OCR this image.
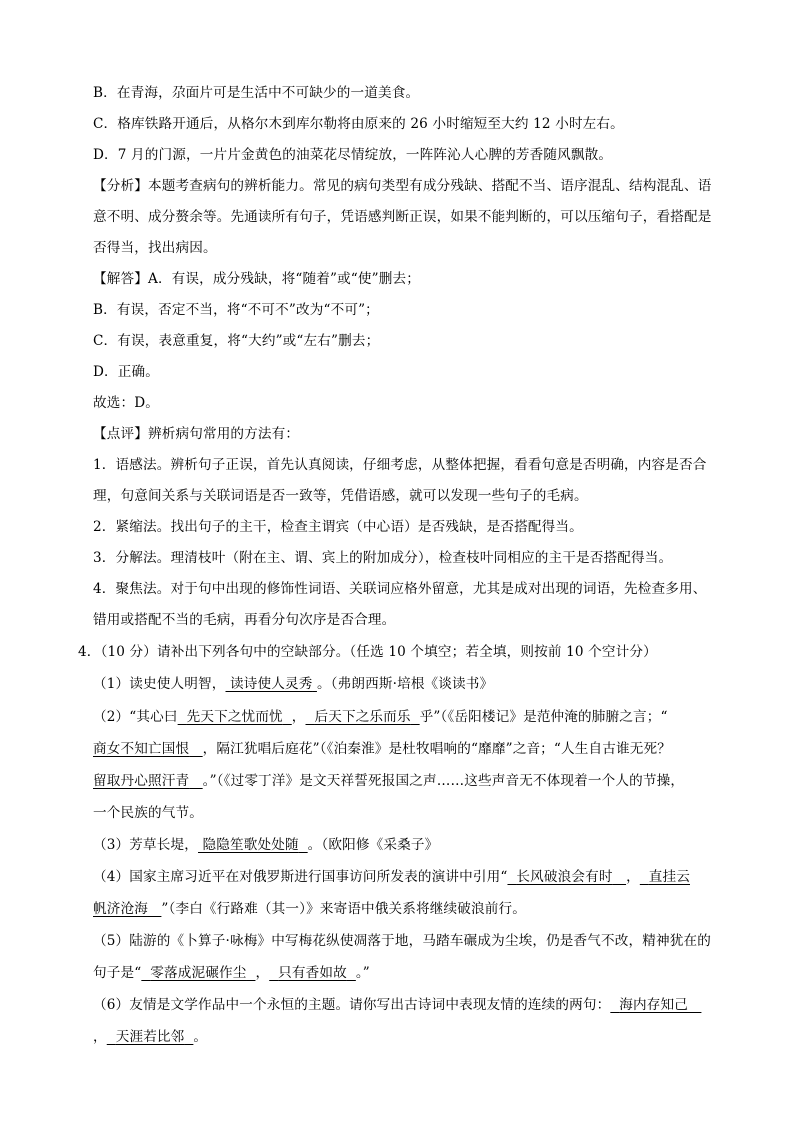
B．在青海，尕面片可是生活中不可缺少的一道美食。
C．格库铁路开通后，从格尔木到库尔勒将由原来的 26 小时缩短至大约 12 小时左右。
D．7 月的门源，一片片金黄色的油菜花尽情绽放，一阵阵沁人心脾的芳香随风飘散。
【分析】本题考查病句的辨析能力。常见的病句类型有成分残缺、搭配不当、语序混乱、结构混乱、语
意不明、成分赘余等。先通读所有句子，凭语感判断正误，如果不能判断的，可以压缩句子，看搭配是
否得当，找出病因。
【解答】A．有误，成分残缺，将“随着”或“使”删去；
B．有误，否定不当，将“不可不”改为“不可”；
C．有误，表意重复，将“大约”或“左右”删去；
D．正确。
故选：D。
【点评】辨析病句常用的方法有：
1．语感法。辨析句子正误，首先认真阅读，仔细考虑，从整体把握，看看句意是否明确，内容是否合
理，句意间关系与关联词语是否一致等，凭借语感，就可以发现一些句子的毛病。
2．紧缩法。找出句子的主干，检查主谓宾（中心语）是否残缺，是否搭配得当。
3．分解法。理清枝叶（附在主、谓、宾上的附加成分），检查枝叶同相应的主干是否搭配得当。
4．聚焦法。对于句中出现的修饰性词语、关联词应格外留意，尤其是成对出现的词语，先检查多用、
错用或搭配不当的毛病，再看分句次序是否合理。
4．（10 分）请补出下列各句中的空缺部分。（任选 10 个填空；若全填，则按前 10 个空计分）
（1）读史使人明智， 读诗使人灵秀 。（弗朗西斯·培根《谈读书》
（2）“其心曰 先天下之忧而忧 ， 后天下之乐而乐 乎”（《岳阳楼记》是范仲淹的肺腑之言；“
商女不知亡国恨 ，隔江犹唱后庭花”（《泊秦淮》是杜牧唱响的“靡靡”之音；“人生自古谁无死？
留取丹心照汗青 。”（《过零丁洋》是文天祥誓死报国之声……这些声音无不体现着一个人的节操，
一个民族的气节。
（3）芳草长堤， 隐隐笙歌处处随 。（欧阳修《采桑子》
（4）国家主席习近平在对俄罗斯进行国事访问所发表的演讲中引用“ 长风破浪会有时 ， 直挂云
帆济沧海 ”（李白《行路难（其一）》来寄语中俄关系将继续破浪前行。
（5）陆游的《卜算子·咏梅》中写梅花纵使凋落于地，马踏车碾成为尘埃，仍是香气不改，精神犹在的
句子是“ 零落成泥碾作尘 ， 只有香如故 。”
（6）友情是文学作品中一个永恒的主题。请你写出古诗词中表现友情的连续的两句： 海内存知己
， 天涯若比邻 。
